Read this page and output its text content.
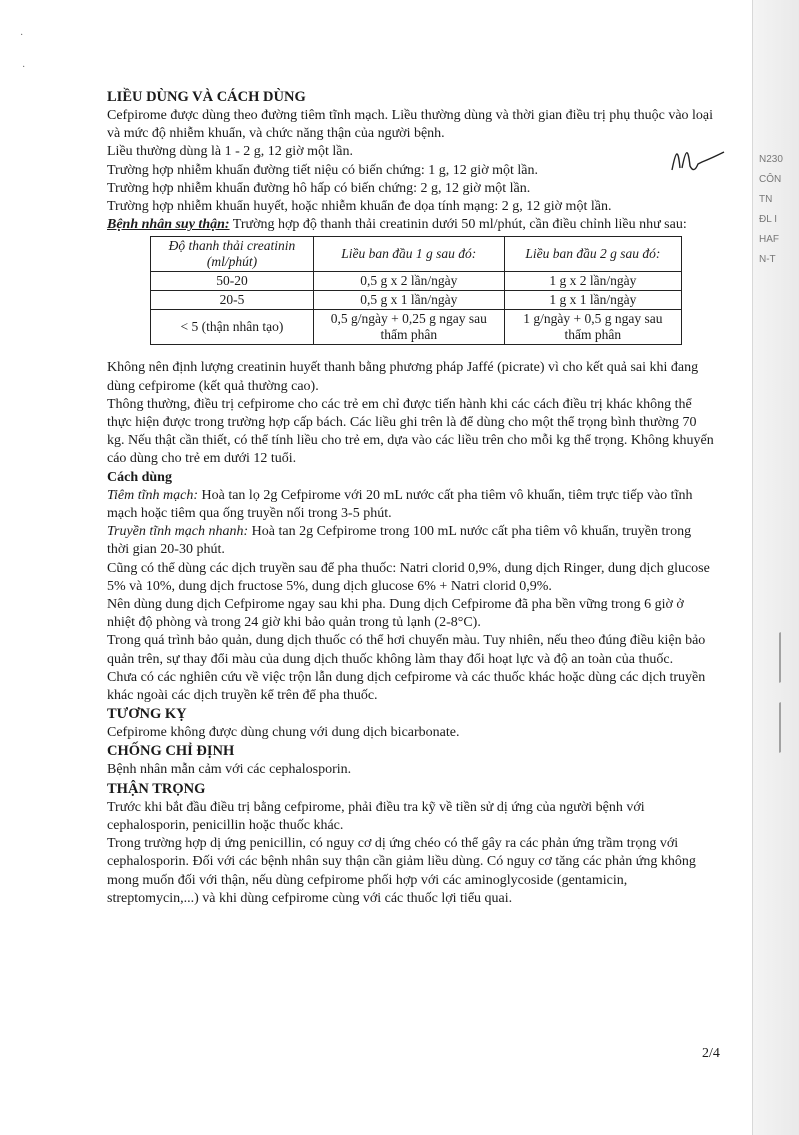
N230
CÔN
TN
ĐL I
HAF
N-T
·
·
LIỀU DÙNG VÀ CÁCH DÙNG

Cefpirome được dùng theo đường tiêm tĩnh mạch. Liều thường dùng và thời gian điều trị phụ thuộc vào loại và mức độ nhiễm khuẩn, và chức năng thận của người bệnh.

Liều thường dùng là 1 - 2 g, 12 giờ một lần.

Trường hợp nhiễm khuẩn đường tiết niệu có biến chứng: 1 g, 12 giờ một lần.

Trường hợp nhiễm khuẩn đường hô hấp có biến chứng: 2 g, 12 giờ một lần.

Trường hợp nhiễm khuẩn huyết, hoặc nhiễm khuẩn đe dọa tính mạng: 2 g, 12 giờ một lần.

Bệnh nhân suy thận: Trường hợp độ thanh thải creatinin dưới 50 ml/phút, cần điều chỉnh liều như sau:

Độ thanh thải creatinin (ml/phút)	Liều ban đầu 1 g sau đó:	Liều ban đầu 2 g sau đó:
50-20	0,5 g x 2 lần/ngày	1 g x 2 lần/ngày
20-5	0,5 g x 1 lần/ngày	1 g x 1 lần/ngày
< 5 (thận nhân tạo)	0,5 g/ngày + 0,25 g ngay sau thẩm phân	1 g/ngày + 0,5 g ngay sau thẩm phân

Không nên định lượng creatinin huyết thanh bằng phương pháp Jaffé (picrate) vì cho kết quả sai khi đang dùng cefpirome (kết quả thường cao).

Thông thường, điều trị cefpirome cho các trẻ em chỉ được tiến hành khi các cách điều trị khác không thể thực hiện được trong trường hợp cấp bách. Các liều ghi trên là để dùng cho một thể trọng bình thường 70 kg. Nếu thật cần thiết, có thể tính liều cho trẻ em, dựa vào các liều trên cho mỗi kg thể trọng. Không khuyến cáo dùng cho trẻ em dưới 12 tuổi.

Cách dùng

Tiêm tĩnh mạch: Hoà tan lọ 2g Cefpirome với 20 mL nước cất pha tiêm vô khuẩn, tiêm trực tiếp vào tĩnh mạch hoặc tiêm qua ống truyền nối trong 3-5 phút.

Truyền tĩnh mạch nhanh: Hoà tan 2g Cefpirome trong 100 mL nước cất pha tiêm vô khuẩn, truyền trong thời gian 20-30 phút.

Cũng có thể dùng các dịch truyền sau để pha thuốc: Natri clorid 0,9%, dung dịch Ringer, dung dịch glucose 5% và 10%, dung dịch fructose 5%, dung dịch glucose 6% + Natri clorid 0,9%.

Nên dùng dung dịch Cefpirome ngay sau khi pha. Dung dịch Cefpirome đã pha bền vững trong 6 giờ ở nhiệt độ phòng và trong 24 giờ khi bảo quản trong tủ lạnh (2-8°C).

Trong quá trình bảo quản, dung dịch thuốc có thể hơi chuyển màu. Tuy nhiên, nếu theo đúng điều kiện bảo quản trên, sự thay đổi màu của dung dịch thuốc không làm thay đổi hoạt lực và độ an toàn của thuốc.

Chưa có các nghiên cứu về việc trộn lẫn dung dịch cefpirome và các thuốc khác hoặc dùng các dịch truyền khác ngoài các dịch truyền kể trên để pha thuốc.

TƯƠNG KỴ

Cefpirome không được dùng chung với dung dịch bicarbonate.

CHỐNG CHỈ ĐỊNH

Bệnh nhân mẫn cảm với các cephalosporin.

THẬN TRỌNG

Trước khi bắt đầu điều trị bằng cefpirome, phải điều tra kỹ về tiền sử dị ứng của người bệnh với cephalosporin, penicillin hoặc thuốc khác.

Trong trường hợp dị ứng penicillin, có nguy cơ dị ứng chéo có thể gây ra các phản ứng trầm trọng với cephalosporin. Đối với các bệnh nhân suy thận cần giảm liều dùng. Có nguy cơ tăng các phản ứng không mong muốn đối với thận, nếu dùng cefpirome phối hợp với các aminoglycoside (gentamicin, streptomycin,...) và khi dùng cefpirome cùng với các thuốc lợi tiểu quai.

2/4
